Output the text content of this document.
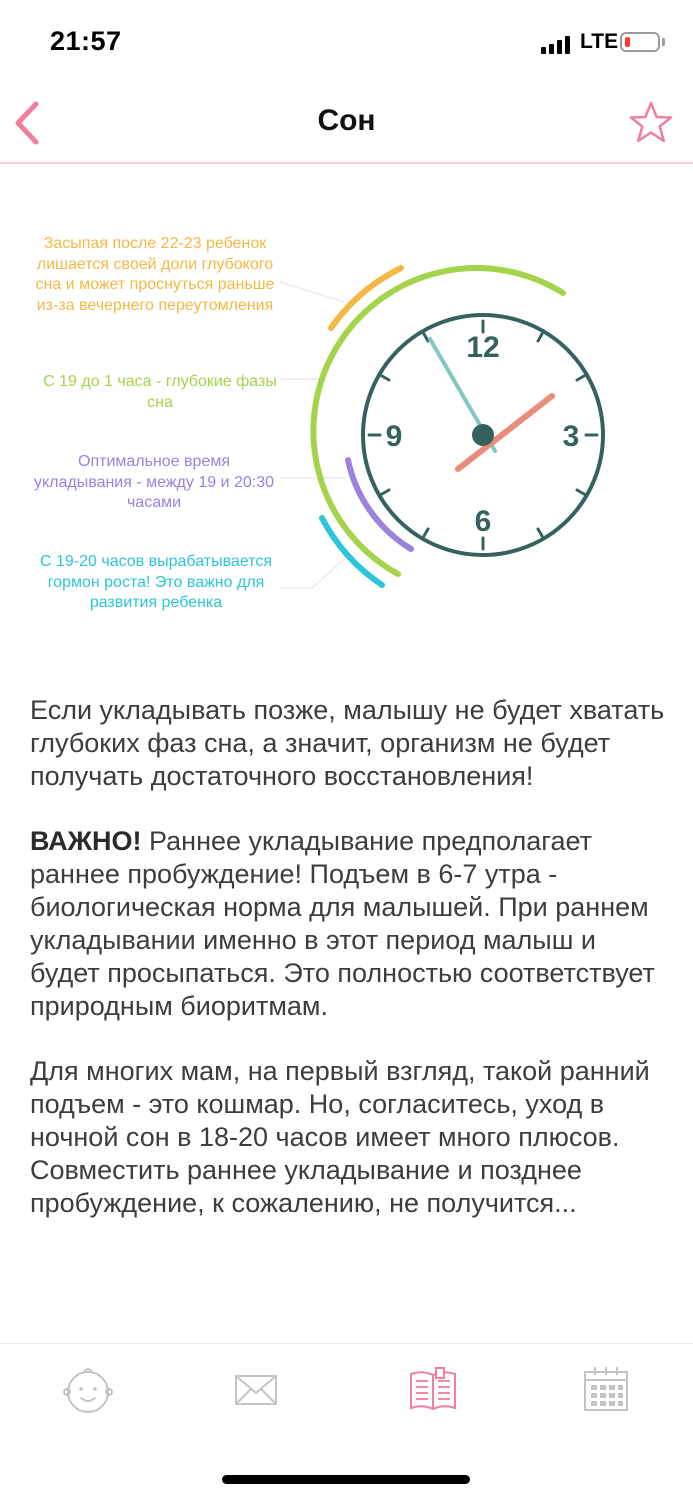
21:57	LTE
Сон
12
3
6
9

Засыпая после 22-23 ребенок лишается своей доли глубокого сна и может проснуться раньше из-за вечернего переутомления

С 19 до 1 часа - глубокие фазы сна

Оптимальное время укладывания - между 19 и 20:30 часами

С 19-20 часов вырабатывается гормон роста! Это важно для развития ребенка

Если укладывать позже, малышу не будет хватать глубоких фаз сна, а значит, организм не будет получать достаточного восстановления!

ВАЖНО! Раннее укладывание предполагает раннее пробуждение! Подъем в 6-7 утра - биологическая норма для малышей. При раннем укладывании именно в этот период малыш и будет просыпаться. Это полностью соответствует природным биоритмам.

Для многих мам, на первый взгляд, такой ранний подъем - это кошмар. Но, согласитесь, уход в ночной сон в 18-20 часов имеет много плюсов. Совместить раннее укладывание и позднее пробуждение, к сожалению, не получится...
